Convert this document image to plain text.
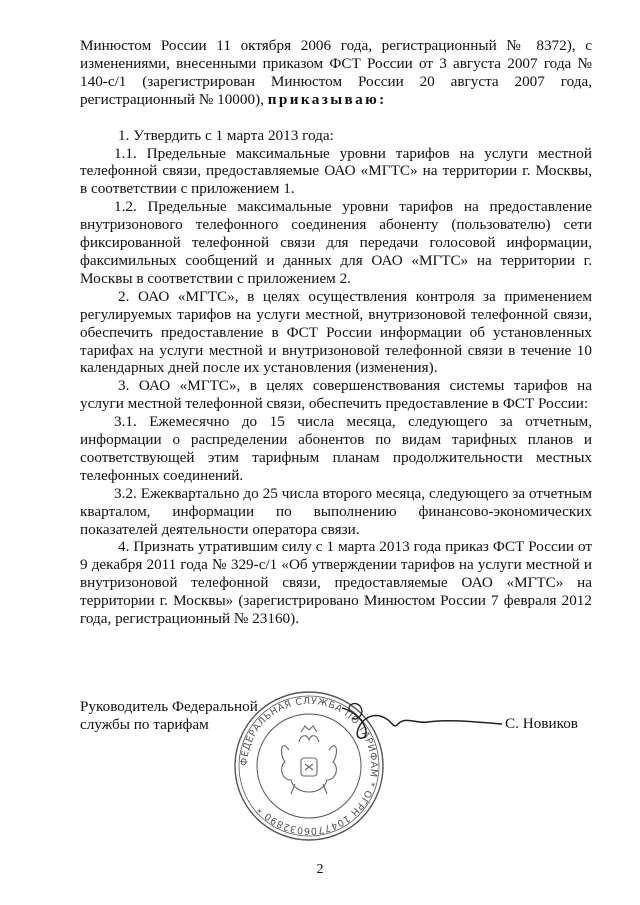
Минюстом России 11 октября 2006 года, регистрационный № 8372), с изменениями, внесенными приказом ФСТ России от 3 августа 2007 года № 140-с/1 (зарегистрирован Минюстом России 20 августа 2007 года, регистрационный № 10000), приказываю:

1. Утвердить с 1 марта 2013 года:

1.1. Предельные максимальные уровни тарифов на услуги местной телефонной связи, предоставляемые ОАО «МГТС» на территории г. Москвы, в соответствии с приложением 1.

1.2. Предельные максимальные уровни тарифов на предоставление внутризонового телефонного соединения абоненту (пользователю) сети фиксированной телефонной связи для передачи голосовой информации, факсимильных сообщений и данных для ОАО «МГТС» на территории г. Москвы в соответствии с приложением 2.

2. ОАО «МГТС», в целях осуществления контроля за применением регулируемых тарифов на услуги местной, внутризоновой телефонной связи, обеспечить предоставление в ФСТ России информации об установленных тарифах на услуги местной и внутризоновой телефонной связи в течение 10 календарных дней после их установления (изменения).

3. ОАО «МГТС», в целях совершенствования системы тарифов на услуги местной телефонной связи, обеспечить предоставление в ФСТ России:

3.1. Ежемесячно до 15 числа месяца, следующего за отчетным, информации о распределении абонентов по видам тарифных планов и соответствующей этим тарифным планам продолжительности местных телефонных соединений.

3.2. Ежеквартально до 25 числа второго месяца, следующего за отчетным кварталом, информации по выполнению финансово-экономических показателей деятельности оператора связи.

4. Признать утратившим силу с 1 марта 2013 года приказ ФСТ России от 9 декабря 2011 года № 329-с/1 «Об утверждении тарифов на услуги местной и внутризоновой телефонной связи, предоставляемые ОАО «МГТС» на территории г. Москвы» (зарегистрировано Минюстом России 7 февраля 2012 года, регистрационный № 23160).

Руководитель Федеральной
службы по тарифам
ФЕДЕРАЛЬНАЯ СЛУЖБА ПО ТАРИФАМ * ОГРН 1047706032890 *
С. Новиков
2
